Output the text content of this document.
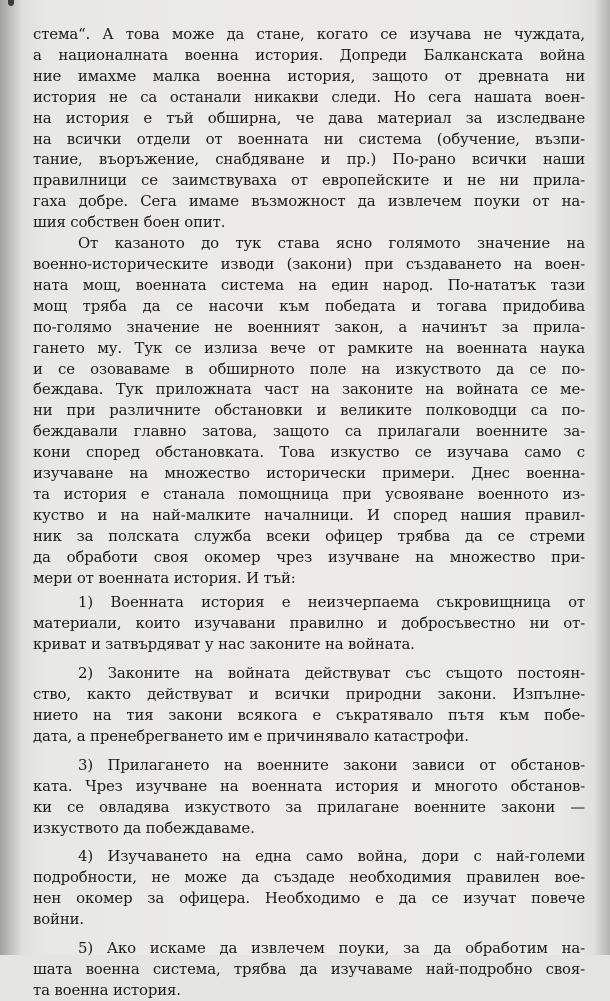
стема“. А това може да стане, когато се изучава не чуждата,
а националната военна история. Допреди Балканската война
ние имахме малка военна история, защото от древната ни
история не са останали никакви следи. Но сега нашата воен-
на история е тъй обширна, че дава материал за изследване
на всички отдели от военната ни система (обучение, възпи-
тание, въоръжение, снабдяване и пр.) По-рано всички наши
правилници се заимствуваха от европейските и не ни прила-
гаха добре. Сега имаме възможност да извлечем поуки от на-
шия собствен боен опит.
От казаното до тук става ясно голямото значение на
военно-историческите изводи (закони) при създаването на воен-
ната мощ, военната система на един народ. По-нататък тази
мощ тряба да се насочи към победата и тогава придобива
по-голямо значение не военният закон, а начинът за прила-
гането му. Тук се излиза вече от рамките на военната наука
и се озоваваме в обширното поле на изкуството да се по-
беждава. Тук приложната част на законите на войната се ме-
ни при различните обстановки и великите полководци са по-
беждавали главно затова, защото са прилагали военните за-
кони според обстановката. Това изкуство се изучава само с
изучаване на множество исторически примери. Днес военна-
та история е станала помощница при усвояване военното из-
куство и на най-малките началници. И според нашия правил-
ник за полската служба всеки офицер трябва да се стреми
да обработи своя окомер чрез изучване на множество при-
мери от военната история. И тъй:
1) Военната история е неизчерпаема съкровищница от
материали, които изучавани правилно и добросъвестно ни от-
криват и затвърдяват у нас законите на войната.
2) Законите на войната действуват със същото постоян-
ство, както действуват и всички природни закони. Изпълне-
нието на тия закони всякога е съкратявало пътя към побе-
дата, а пренебрегването им е причинявало катастрофи.
3) Прилагането на военните закони зависи от обстанов-
ката. Чрез изучване на военната история и многото обстанов-
ки се овладява изкуството за прилагане военните закони —
изкуството да побеждаваме.
4) Изучаването на една само война, дори с най-големи
подробности, не може да създаде необходимия правилен вое-
нен окомер за офицера. Необходимо е да се изучат повече
войни.
5) Ако искаме да извлечем поуки, за да обработим на-
шата военна система, трябва да изучаваме най-подробно своя-
та военна история.
